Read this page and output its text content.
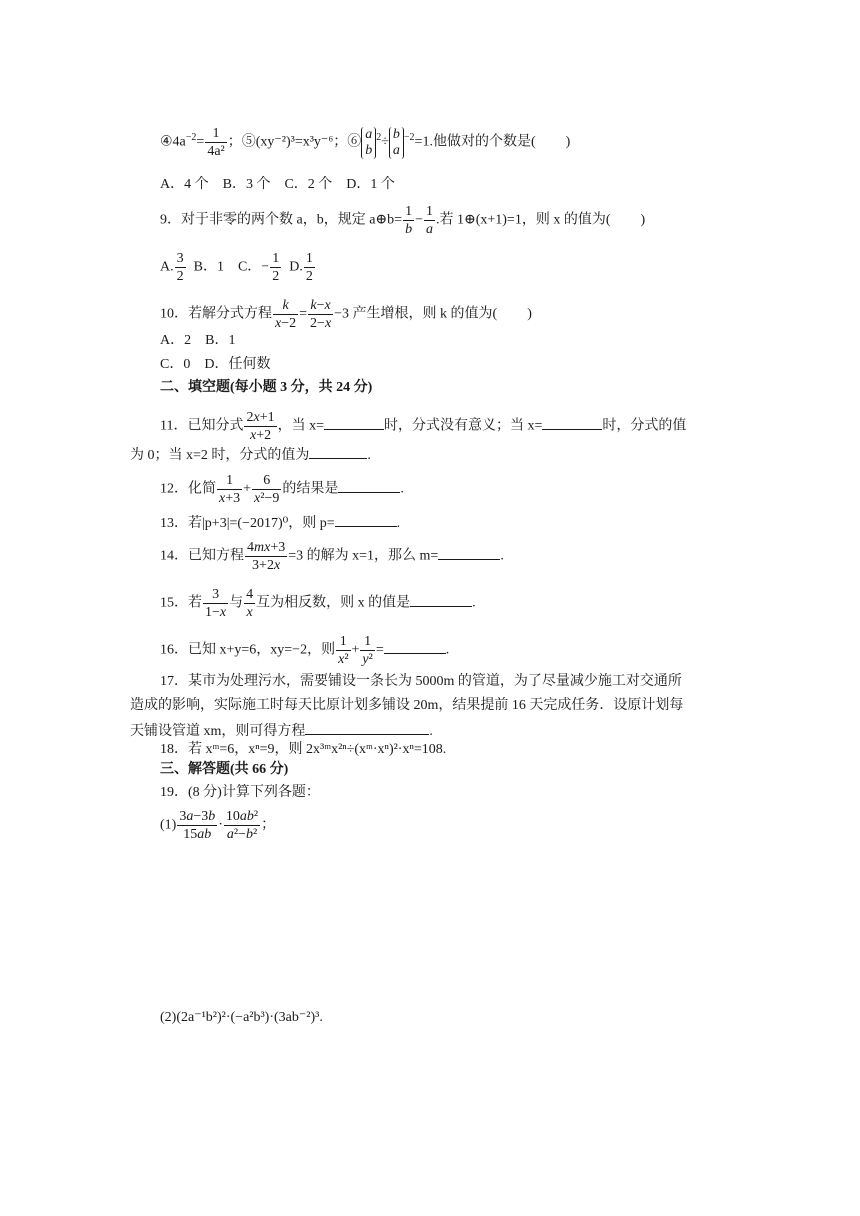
$④4a^{-2}= \frac{1}{\text{4a²}}$ ；⑤(xy⁻²)³=x³y⁻⁶；⑥a
$b^2\div b$
$a^{-2}=1$.他做对的个数是( )
A．4 个　B．3 个　C．2 个　D．1 个
9．对于非零的两个数 a，b，规定 a⊕b= $\frac{1}{b} - \frac{1}{a}$ .若 1⊕(x+1)=1，则 x 的值为( )
A. $\frac{3}{2}$ B．1　C．− $\frac{1}{2} D$. $\frac{1}{2}$
10．若解分式方程 $\frac{k}{x-2} = \frac{k-x}{2-x} -3$ 产生增根，则 k 的值为( )
A．2　B．1
C．0　D．任何数
二、填空题(每小题 3 分，共 24 分)
11．已知分式 $\frac{2x+1}{x+2}$ ，当 x=	时，分式没有意义；当 x=	时，分式的值
为 0；当 x=2 时，分式的值为	.
12．化简 $\frac{1}{x+3} + \frac{6}{\text{x²−9}}$ 的结果是	.
13．若|p+3|=(−2017)⁰，则 p=	.
14．已知方程 $\frac{4mx+3}{3+2x} =3$ 的解为 x=1，那么 m=	.
15．若 $\frac{3}{1-x}$ 与 $\frac{4}{x}$ 互为相反数，则 x 的值是	.
16．已知 x+y=6，xy=−2，则 $\frac{1}{\text{x²}} + \frac{1}{\text{y²}}$ =	.
17．某市为处理污水，需要铺设一条长为 5000m 的管道，为了尽量减少施工对交通所
造成的影响，实际施工时每天比原计划多铺设 20m，结果提前 16 天完成任务．设原计划每
天铺设管道 xm，则可得方程	.
18．若 xᵐ=6，xⁿ=9，则 2x³ᵐx²ⁿ÷(xᵐ·xⁿ)²·xⁿ=108.
三、解答题(共 66 分)
19．(8 分)计算下列各题：
$(1) \frac{3a-3b}{15ab} \cdot \frac{\text{10ab²}}{\text{a²−b²}}$ ；
(2)(2a⁻¹b²)²·(−a²b³)·(3ab⁻²)³.
